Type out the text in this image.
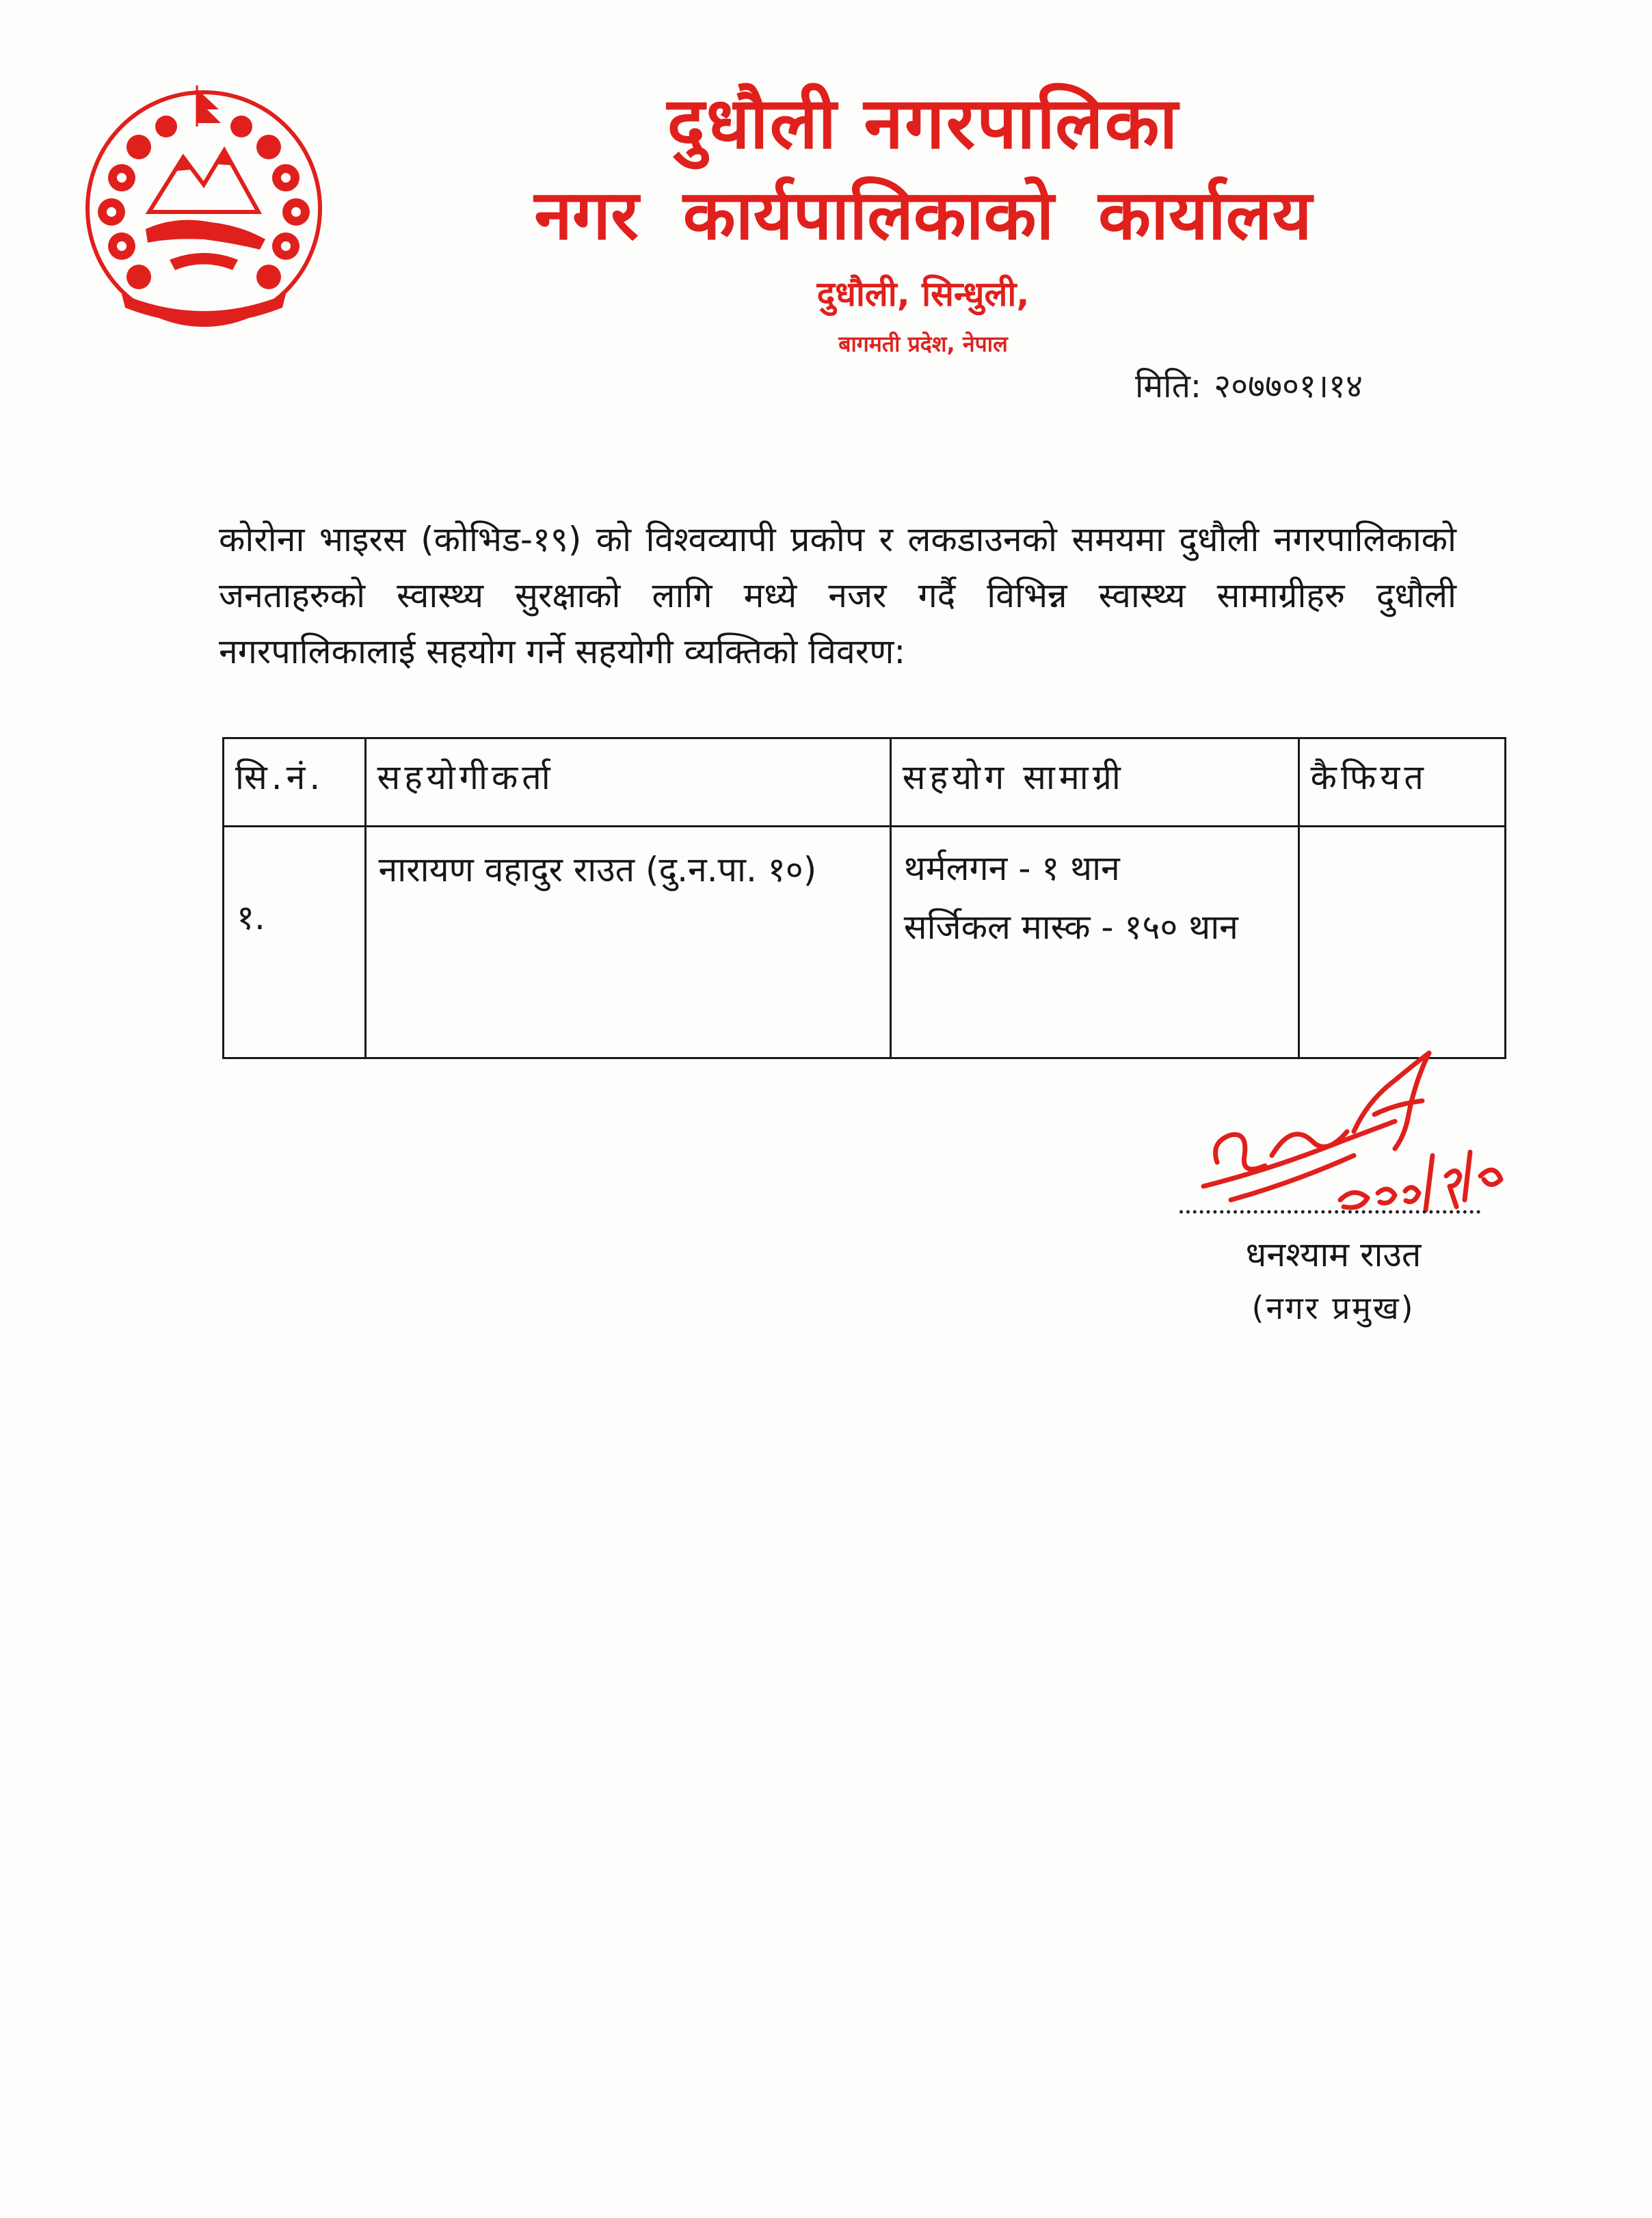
दुधौली नगरपालिका
नगर कार्यपालिकाको कार्यालय
दुधौली, सिन्धुली,
बागमती प्रदेश, नेपाल
मिति: २०७७०१।१४
कोरोना भाइरस (कोभिड-१९) को विश्वव्यापी प्रकोप र लकडाउनको समयमा दुधौली नगरपालिकाको जनताहरुको स्वास्थ्य सुरक्षाको लागि मध्ये नजर गर्दै विभिन्न स्वास्थ्य सामाग्रीहरु दुधौली नगरपालिकालाई सहयोग गर्ने सहयोगी व्यक्तिको विवरण:
सि.नं.	सहयोगीकर्ता	सहयोग सामाग्री	कैफियत
१.	नारायण वहादुर राउत (दु.न.पा. १०)	थर्मलगन - १ थान
सर्जिकल मास्क - १५० थान	

धनश्याम राउत
(नगर प्रमुख)
